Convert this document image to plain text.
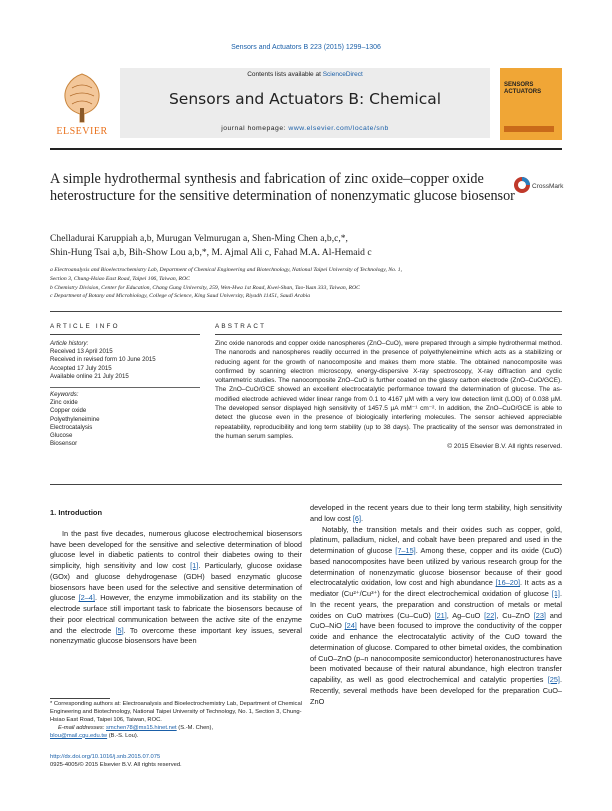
Sensors and Actuators B 223 (2015) 1299–1306
ELSEVIER
Contents lists available at ScienceDirect
Sensors and Actuators B: Chemical
journal homepage: www.elsevier.com/locate/snb
SENSORS
ACTUATORS
A simple hydrothermal synthesis and fabrication of zinc oxide–copper oxide heterostructure for the sensitive determination of nonenzymatic glucose biosensor
CrossMark
Chelladurai Karuppiah a,b, Murugan Velmurugan a, Shen-Ming Chen a,b,c,*,
Shin-Hung Tsai a,b, Bih-Show Lou a,b,*, M. Ajmal Ali c, Fahad M.A. Al-Hemaid c
a Electroanalysis and Bioelectrochemistry Lab, Department of Chemical Engineering and Biotechnology, National Taipei University of Technology, No. 1,
Section 3, Chung-Hsiao East Road, Taipei 106, Taiwan, ROC
b Chemistry Division, Center for Education, Chang Gung University, 259, Wen-Hwa 1st Road, Kwei-Shan, Tao-Yuan 333, Taiwan, ROC
c Department of Botany and Microbiology, College of Science, King Saud University, Riyadh 11451, Saudi Arabia
ARTICLE INFO	ABSTRACT
Article history:
Received 13 April 2015
Received in revised form 10 June 2015
Accepted 17 July 2015
Available online 21 July 2015
Keywords:
Zinc oxide
Copper oxide
Polyethyleneimine
Electrocatalysis
Glucose
Biosensor
Zinc oxide nanorods and copper oxide nanospheres (ZnO–CuO), were prepared through a simple hydrothermal method. The nanorods and nanospheres readily occurred in the presence of polyethyleneimine which acts as a stabilizing or reducing agent for the growth of nanocomposite and makes them more stable. The obtained nanocomposite was confirmed by scanning electron microscopy, energy-dispersive X-ray spectroscopy, X-ray diffraction and cyclic voltammetric studies. The nanocomposite ZnO–CuO is further coated on the glassy carbon electrode (ZnO–CuO/GCE). The ZnO–CuO/GCE showed an excellent electrocatalytic performance toward the determination of glucose. The as-modified electrode achieved wider linear range from 0.1 to 4167 µM with a very low detection limit (LOD) of 0.038 µM. The developed sensor displayed high sensitivity of 1457.5 µA mM⁻¹ cm⁻². In addition, the ZnO–CuO/GCE is able to detect the glucose even in the presence of biologically interfering molecules. The sensor achieved appreciable repeatability, reproducibility and long term stability (up to 38 days). The practicality of the sensor was demonstrated in the human serum samples.
© 2015 Elsevier B.V. All rights reserved.
1. Introduction

In the past five decades, numerous glucose electrochemical biosensors have been developed for the sensitive and selective determination of blood glucose level in diabetic patients to control their diabetes owing to their simplicity, high sensitivity and low cost [1]. Particularly, glucose oxidase (GOx) and glucose dehydrogenase (GDH) based enzymatic glucose biosensors have been used for the selective and sensitive determination of glucose [2–4]. However, the enzyme immobilization and its stability on the electrode surface still important task to fabricate the biosensors because of their poor electrical communication between the active site of the enzyme and the electrode [5]. To overcome these important key issues, several nonenzymatic glucose biosensors have been

developed in the recent years due to their long term stability, high sensitivity and low cost [6].

Notably, the transition metals and their oxides such as copper, gold, platinum, palladium, nickel, and cobalt have been prepared and used in the determination of glucose [7–15]. Among these, copper and its oxide (CuO) based nanocomposites have been utilized by various research group for the determination of nonenzymatic glucose biosensor because of their good electrocatalytic oxidation, low cost and high abundance [16–20]. It acts as a mediator (Cu²⁺/Cu³⁺) for the direct electrochemical oxidation of glucose [1]. In the recent years, the preparation and construction of metals or metal oxides on CuO matrixes (Cu–CuO) [21], Ag–CuO [22], Cu–ZnO [23] and CuO–NiO [24] have been focused to improve the conductivity of the copper oxide and enhance the electrocatalytic activity of the CuO toward the determination of glucose. Compared to other bimetal oxides, the combination of CuO–ZnO (p–n nanocomposite semiconductor) heteronanostructures have been motivated because of their natural abundance, high electron transfer capability, as well as good electrochemical and catalytic properties [25]. Recently, several methods have been developed for the preparation CuO–ZnO

* Corresponding authors at: Electroanalysis and Bioelectrochemistry Lab, Department of Chemical Engineering and Biotechnology, National Taipei University of Technology, No. 1, Section 3, Chung-Hsiao East Road, Taipei 106, Taiwan, ROC.
E-mail addresses: smchen78@ms15.hinet.net (S.-M. Chen),
blou@mail.cgu.edu.tw (B.-S. Lou).
http://dx.doi.org/10.1016/j.snb.2015.07.075
0925-4005/© 2015 Elsevier B.V. All rights reserved.
